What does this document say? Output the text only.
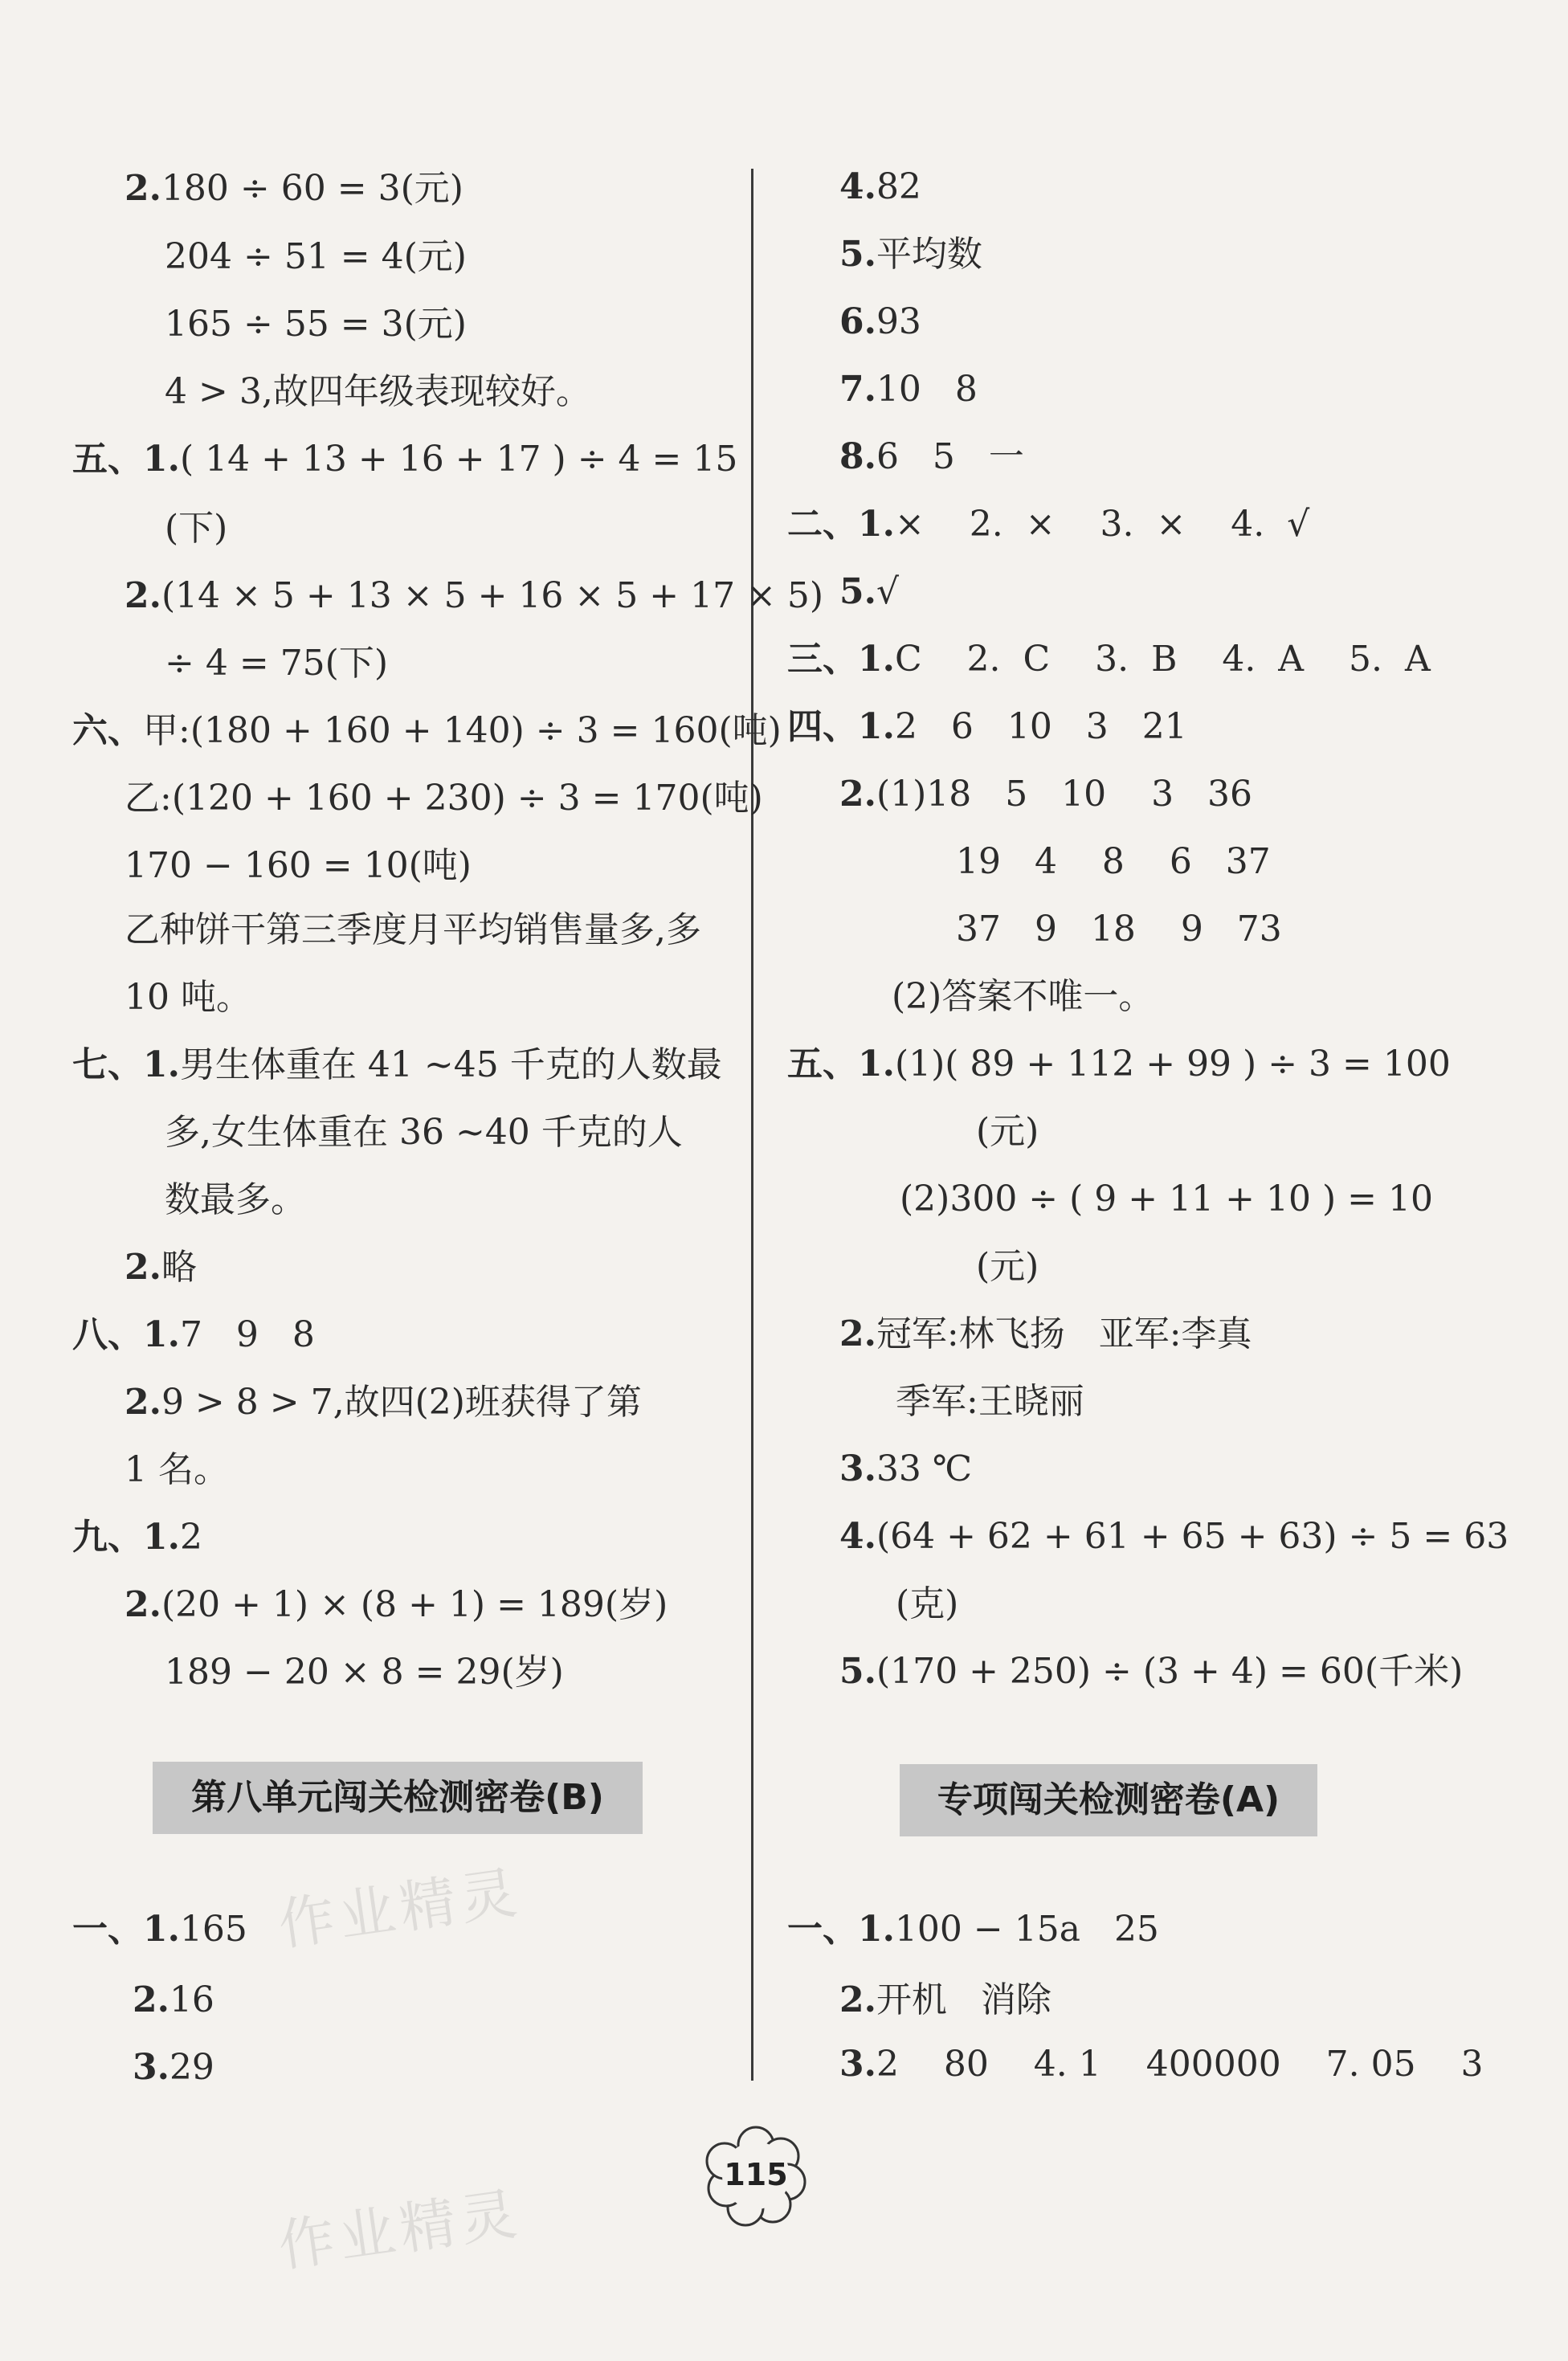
2.180 ÷ 60 = 3(元)
204 ÷ 51 = 4(元)
165 ÷ 55 = 3(元)
4 > 3,故四年级表现较好。
五、1.( 14 + 13 + 16 + 17 ) ÷ 4 = 15
(下)
2.(14 × 5 + 13 × 5 + 16 × 5 + 17 × 5)
÷ 4 = 75(下)
六、甲:(180 + 160 + 140) ÷ 3 = 160(吨)
乙:(120 + 160 + 230) ÷ 3 = 170(吨)
170 − 160 = 10(吨)
乙种饼干第三季度月平均销售量多,多
10 吨。
七、1.男生体重在 41 ~45 千克的人数最
多,女生体重在 36 ~40 千克的人
数最多。
2.略
八、1.7   9   8
2.9 > 8 > 7,故四(2)班获得了第
1 名。
九、1.2
2.(20 + 1) × (8 + 1) = 189(岁)
189 − 20 × 8 = 29(岁)
第八单元闯关检测密卷(B)
一、1.165
2.16
3.29
4.82
5.平均数
6.93
7.10   8
8.6   5   一
二、1.×    2.  ×    3.  ×    4.  √
5.√
三、1.C    2.  C    3.  B    4.  A    5.  A
四、1.2   6   10   3   21
2.(1)18   5   10    3   36
19   4    8    6   37
37   9   18    9   73
(2)答案不唯一。
五、1.(1)( 89 + 112 + 99 ) ÷ 3 = 100
(元)
(2)300 ÷ ( 9 + 11 + 10 ) = 10
(元)
2.冠军:林飞扬   亚军:李真
季军:王晓丽
3.33 ℃
4.(64 + 62 + 61 + 65 + 63) ÷ 5 = 63
(克)
5.(170 + 250) ÷ (3 + 4) = 60(千米)
专项闯关检测密卷(A)
一、1.100 − 15a   25
2.开机   消除
3.2    80    4. 1    400000    7. 05    3
作业精灵
作业精灵
115
